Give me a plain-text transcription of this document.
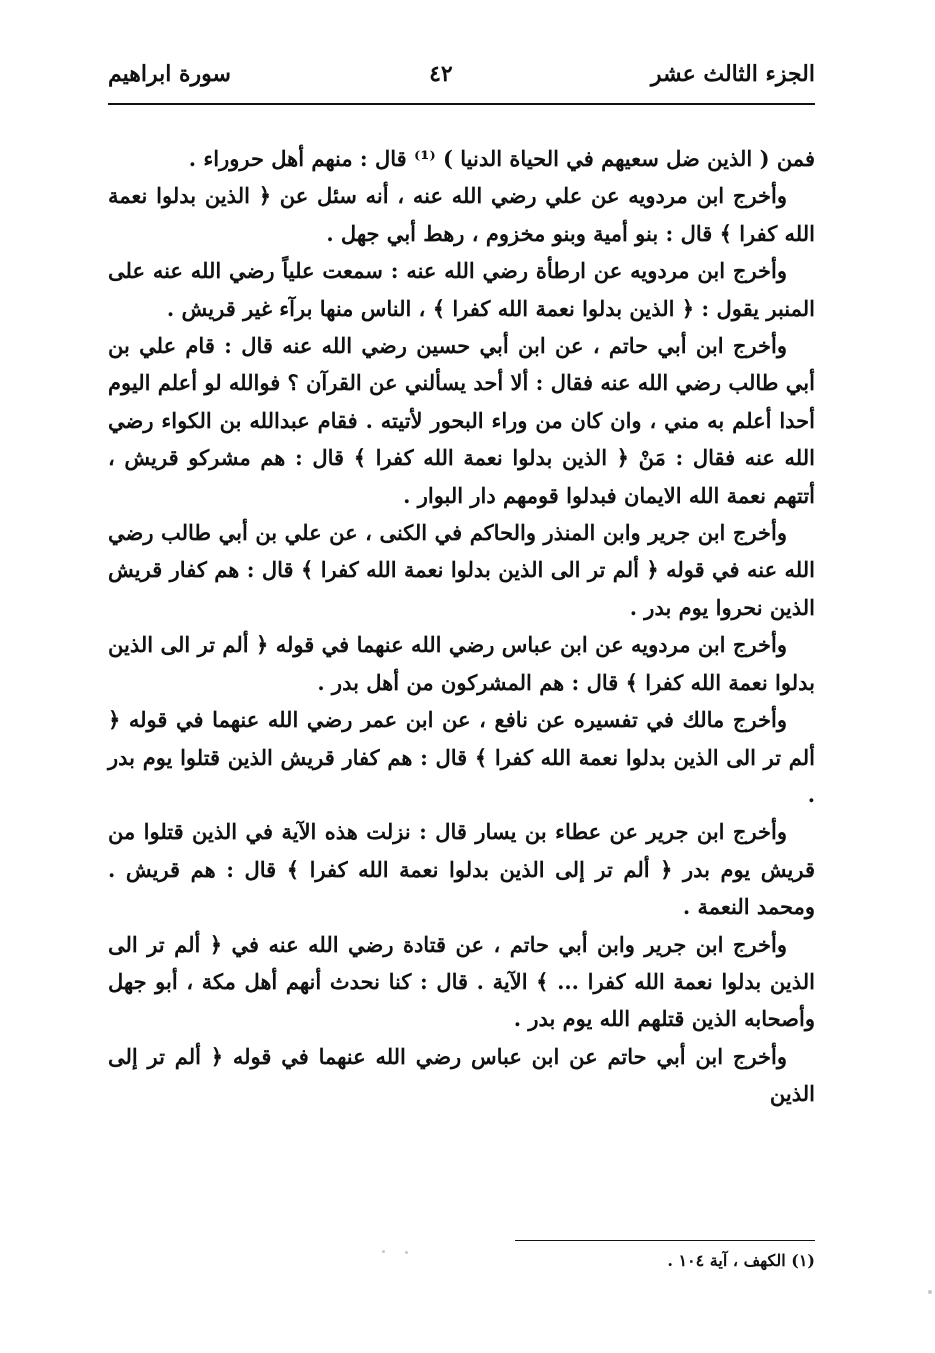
الجزء الثالث عشر
٤٢
سورة ابراهيم

فمن ( الذين ضل سعيهم في الحياة الدنيا ) ⁽¹⁾ قال : منهم أهل حروراء .

وأخرج ابن مردويه عن علي رضي الله عنه ، أنه سئل عن ﴿ الذين بدلوا نعمة الله كفرا ﴾ قال : بنو أمية وبنو مخزوم ، رهط أبي جهل .

وأخرج ابن مردويه عن ارطأة رضي الله عنه : سمعت علياً رضي الله عنه على المنبر يقول : ﴿ الذين بدلوا نعمة الله كفرا ﴾ ، الناس منها برآء غير قريش .

وأخرج ابن أبي حاتم ، عن ابن أبي حسين رضي الله عنه قال : قام علي بن أبي طالب رضي الله عنه فقال : ألا أحد يسألني عن القرآن ؟ فوالله لو أعلم اليوم أحدا أعلم به مني ، وان كان من وراء البحور لأتيته . فقام عبدالله بن الكواء رضي الله عنه فقال : مَنْ ﴿ الذين بدلوا نعمة الله كفرا ﴾ قال : هم مشركو قريش ، أتتهم نعمة الله الايمان فبدلوا قومهم دار البوار .

وأخرج ابن جرير وابن المنذر والحاكم في الكنى ، عن علي بن أبي طالب رضي الله عنه في قوله ﴿ ألم تر الى الذين بدلوا نعمة الله كفرا ﴾ قال : هم كفار قريش الذين نحروا يوم بدر .

وأخرج ابن مردويه عن ابن عباس رضي الله عنهما في قوله ﴿ ألم تر الى الذين بدلوا نعمة الله كفرا ﴾ قال : هم المشركون من أهل بدر .

وأخرج مالك في تفسيره عن نافع ، عن ابن عمر رضي الله عنهما في قوله ﴿ ألم تر الى الذين بدلوا نعمة الله كفرا ﴾ قال : هم كفار قريش الذين قتلوا يوم بدر .

وأخرج ابن جرير عن عطاء بن يسار قال : نزلت هذه الآية في الذين قتلوا من قريش يوم بدر ﴿ ألم تر إلى الذين بدلوا نعمة الله كفرا ﴾ قال : هم قريش . ومحمد النعمة .

وأخرج ابن جرير وابن أبي حاتم ، عن قتادة رضي الله عنه في ﴿ ألم تر الى الذين بدلوا نعمة الله كفرا ... ﴾ الآية . قال : كنا نحدث أنهم أهل مكة ، أبو جهل وأصحابه الذين قتلهم الله يوم بدر .

وأخرج ابن أبي حاتم عن ابن عباس رضي الله عنهما في قوله ﴿ ألم تر إلى الذين

(١) الكهف ، آية ١٠٤ .
